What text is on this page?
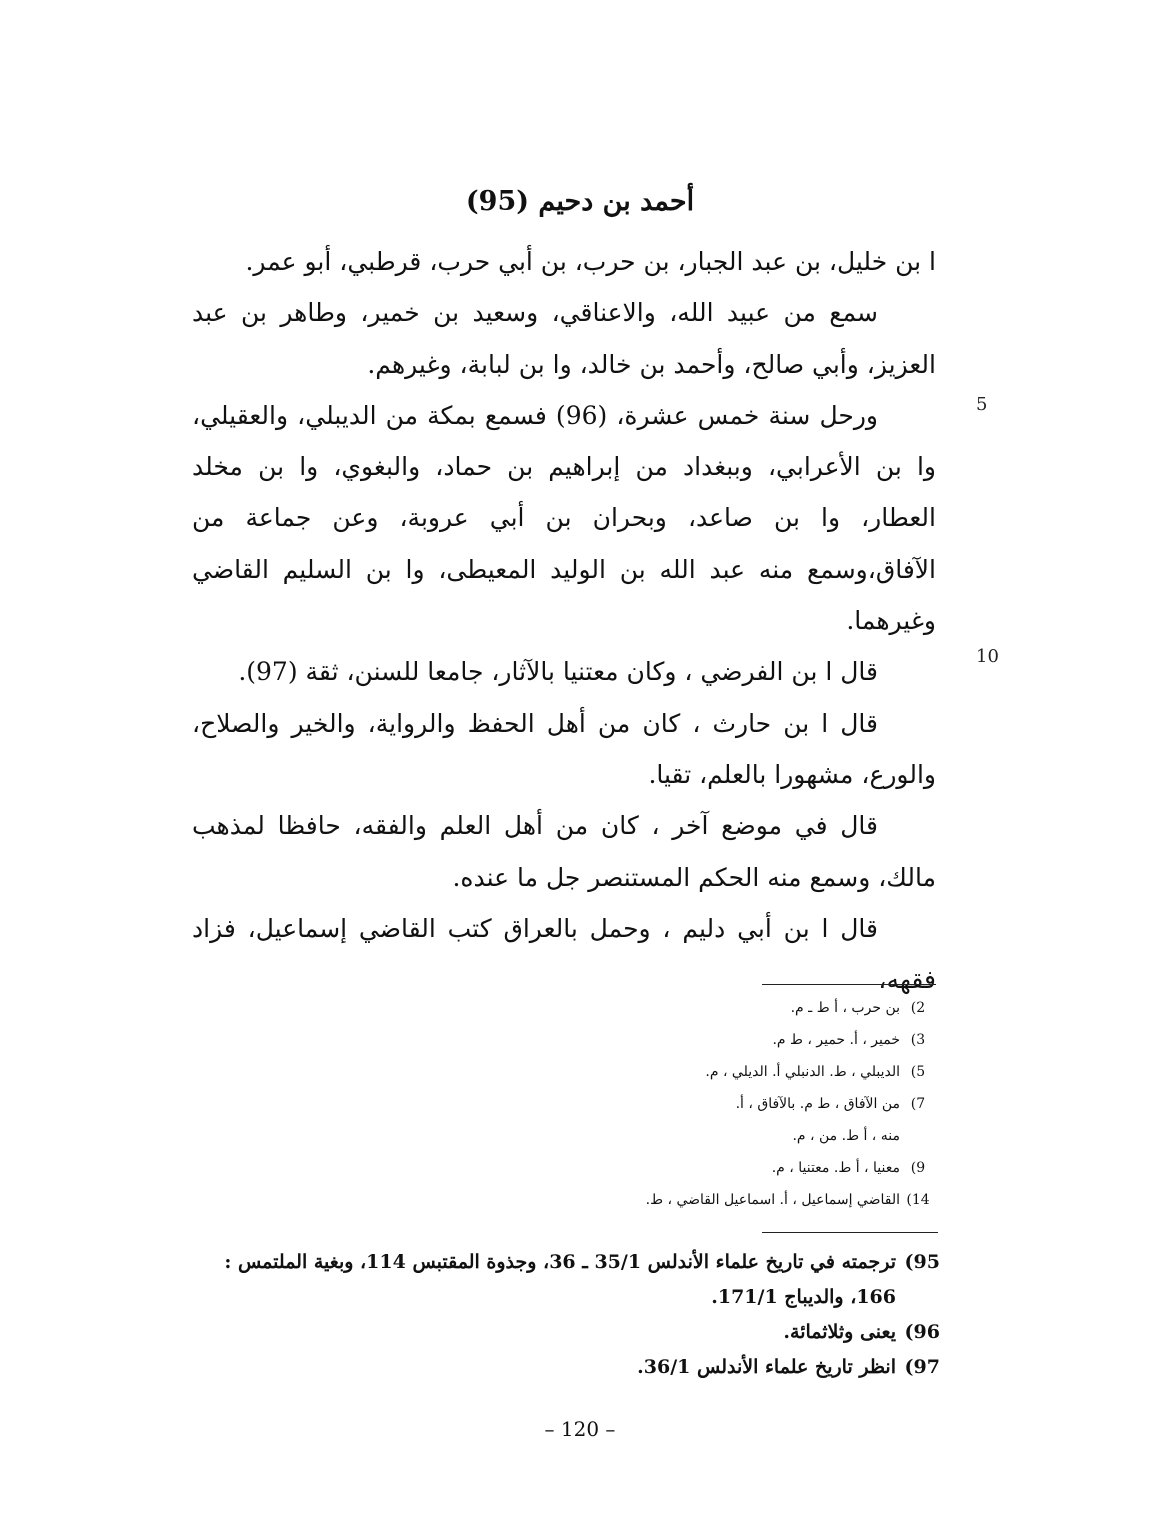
أحمد بن دحيم (95)

ا بن خليل، بن عبد الجبار، بن حرب، بن أبي حرب، قرطبي، أبو عمر.

سمع من عبيد الله، والاعناقي، وسعيد بن خمير، وطاهر بن عبد العزيز، وأبي صالح، وأحمد بن خالد، وا بن لبابة، وغيرهم.

ورحل سنة خمس عشرة، (96) فسمع بمكة من الديبلي، والعقيلي، وا بن الأعرابي، وببغداد من إبراهيم بن حماد، والبغوي، وا بن مخلد العطار، وا بن صاعد، وبحران بن أبي عروبة، وعن جماعة من الآفاق،وسمع منه عبد الله بن الوليد المعيطى، وا بن السليم القاضي وغيرهما.

قال ا بن الفرضي ، وكان معتنيا بالآثار، جامعا للسنن، ثقة (97).

قال ا بن حارث ، كان من أهل الحفظ والرواية، والخير والصلاح، والورع، مشهورا بالعلم، تقيا.

قال في موضع آخر ، كان من أهل العلم والفقه، حافظا لمذهب مالك، وسمع منه الحكم المستنصر جل ما عنده.

قال ا بن أبي دليم ، وحمل بالعراق كتب القاضي إسماعيل، فزاد فقهه،

5
10
2)
بن حرب ، أ ط ـ م.
3)
خمير ، أ. حمير ، ط م.
5)
الديبلي ، ط. الدنبلي أ. الديلي ، م.
7)
من الآفاق ، ط م. بالآفاق ، أ.
منه ، أ ط. من ، م.
9)
معنيا ، أ ط. معتنيا ، م.
14)
القاضي إسماعيل ، أ. اسماعيل القاضي ، ط.
95)
ترجمته في تاريخ علماء الأندلس 35/1 ـ 36، وجذوة المقتبس 114، وبغية الملتمس : 166، والديباج 171/1.
96)
يعنى وثلاثمائة.
97)
انظر تاريخ علماء الأندلس 36/1.
– 120 –
